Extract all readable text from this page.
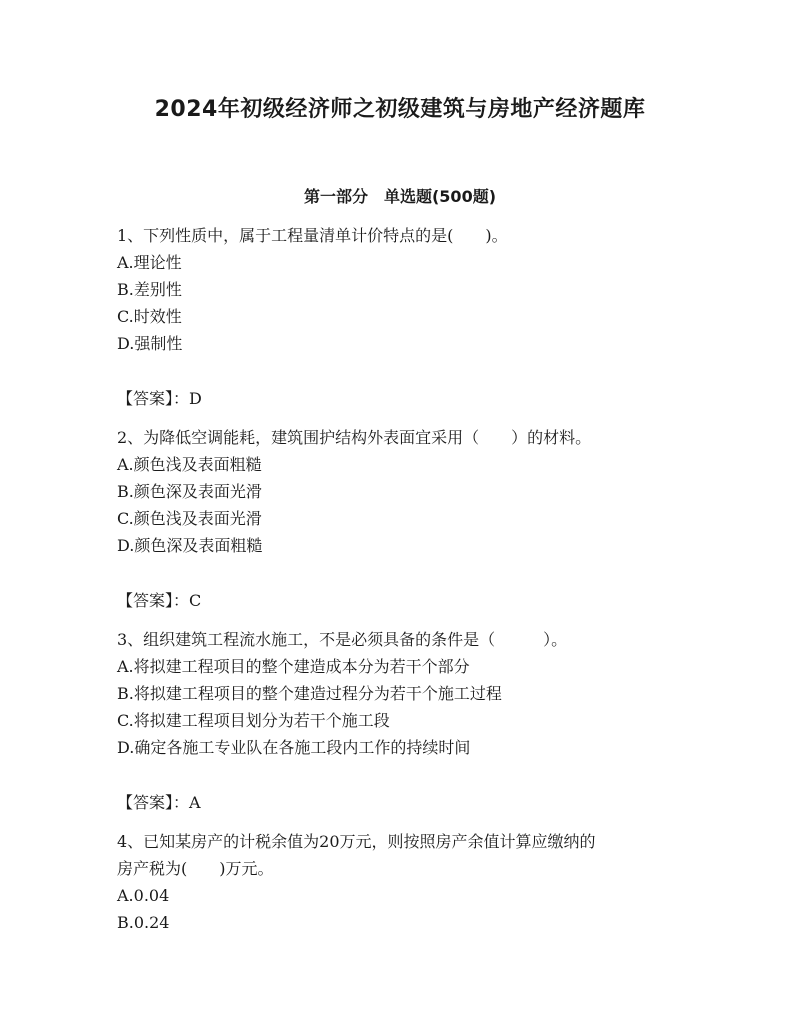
2024年初级经济师之初级建筑与房地产经济题库
第一部分　单选题(500题)
1、下列性质中，属于工程量清单计价特点的是(　　)。
A.理论性
B.差别性
C.时效性
D.强制性
【答案】：D
2、为降低空调能耗，建筑围护结构外表面宜采用（　　）的材料。
A.颜色浅及表面粗糙
B.颜色深及表面光滑
C.颜色浅及表面光滑
D.颜色深及表面粗糙
【答案】：C
3、组织建筑工程流水施工，不是必须具备的条件是（　　　）。
A.将拟建工程项目的整个建造成本分为若干个部分
B.将拟建工程项目的整个建造过程分为若干个施工过程
C.将拟建工程项目划分为若干个施工段
D.确定各施工专业队在各施工段内工作的持续时间
【答案】：A
4、已知某房产的计税余值为20万元，则按照房产余值计算应缴纳的
房产税为(　　)万元。
A.0.04
B.0.24
